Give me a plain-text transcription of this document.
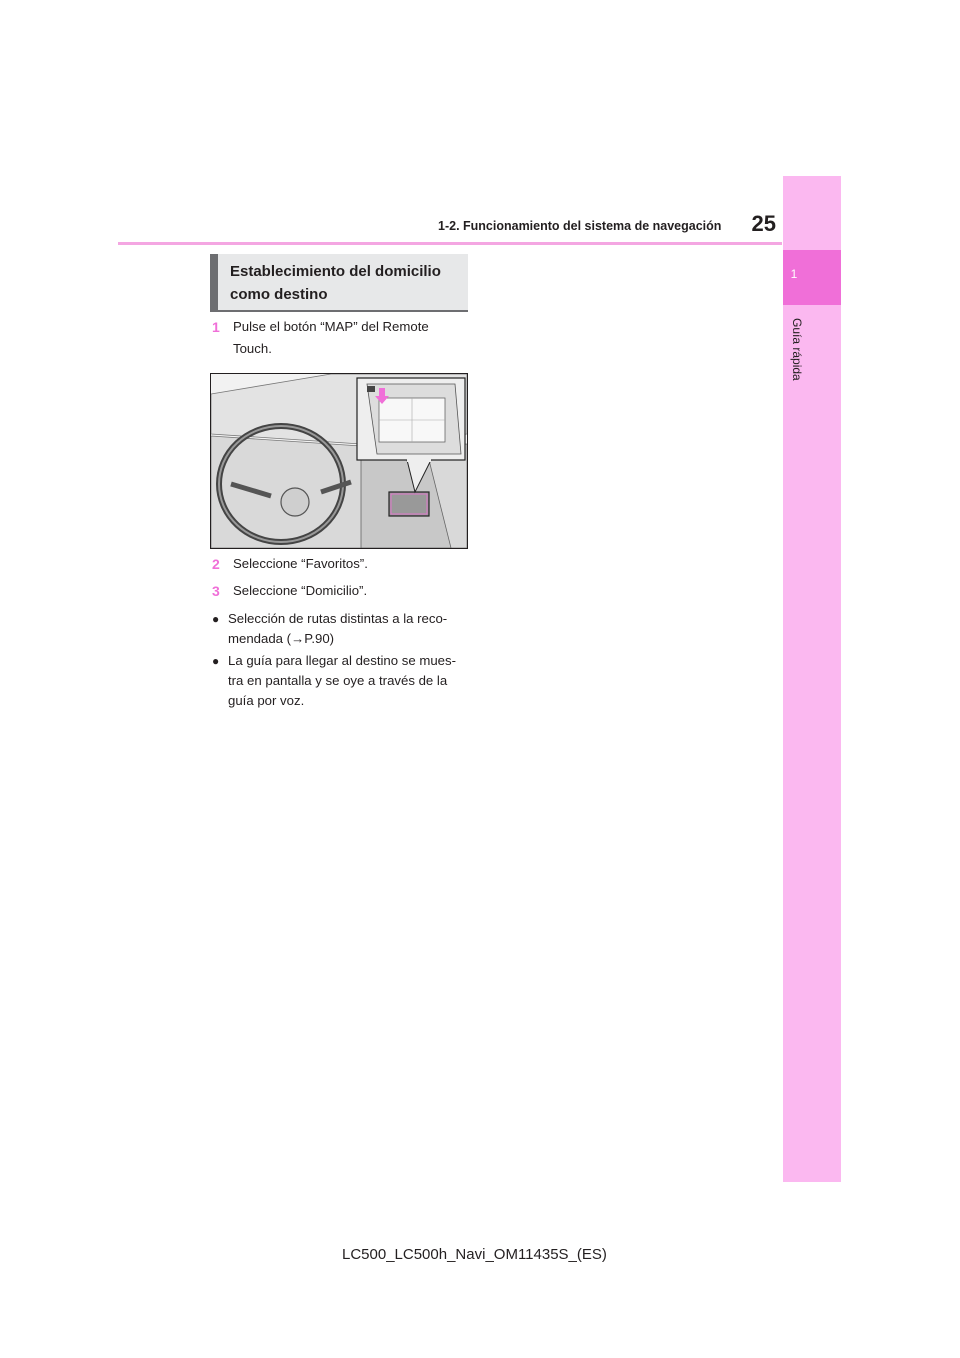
1
Guía rápida
1-2. Funcionamiento del sistema de navegación	25
Establecimiento del domicilio como destino
1 Pulse el botón “MAP” del Remote Touch.
2 Seleccione “Favoritos”.
3 Seleccione “Domicilio”.
● Selección de rutas distintas a la reco-mendada (→P.90)
● La guía para llegar al destino se mues-tra en pantalla y se oye a través de la guía por voz.
LC500_LC500h_Navi_OM11435S_(ES)
